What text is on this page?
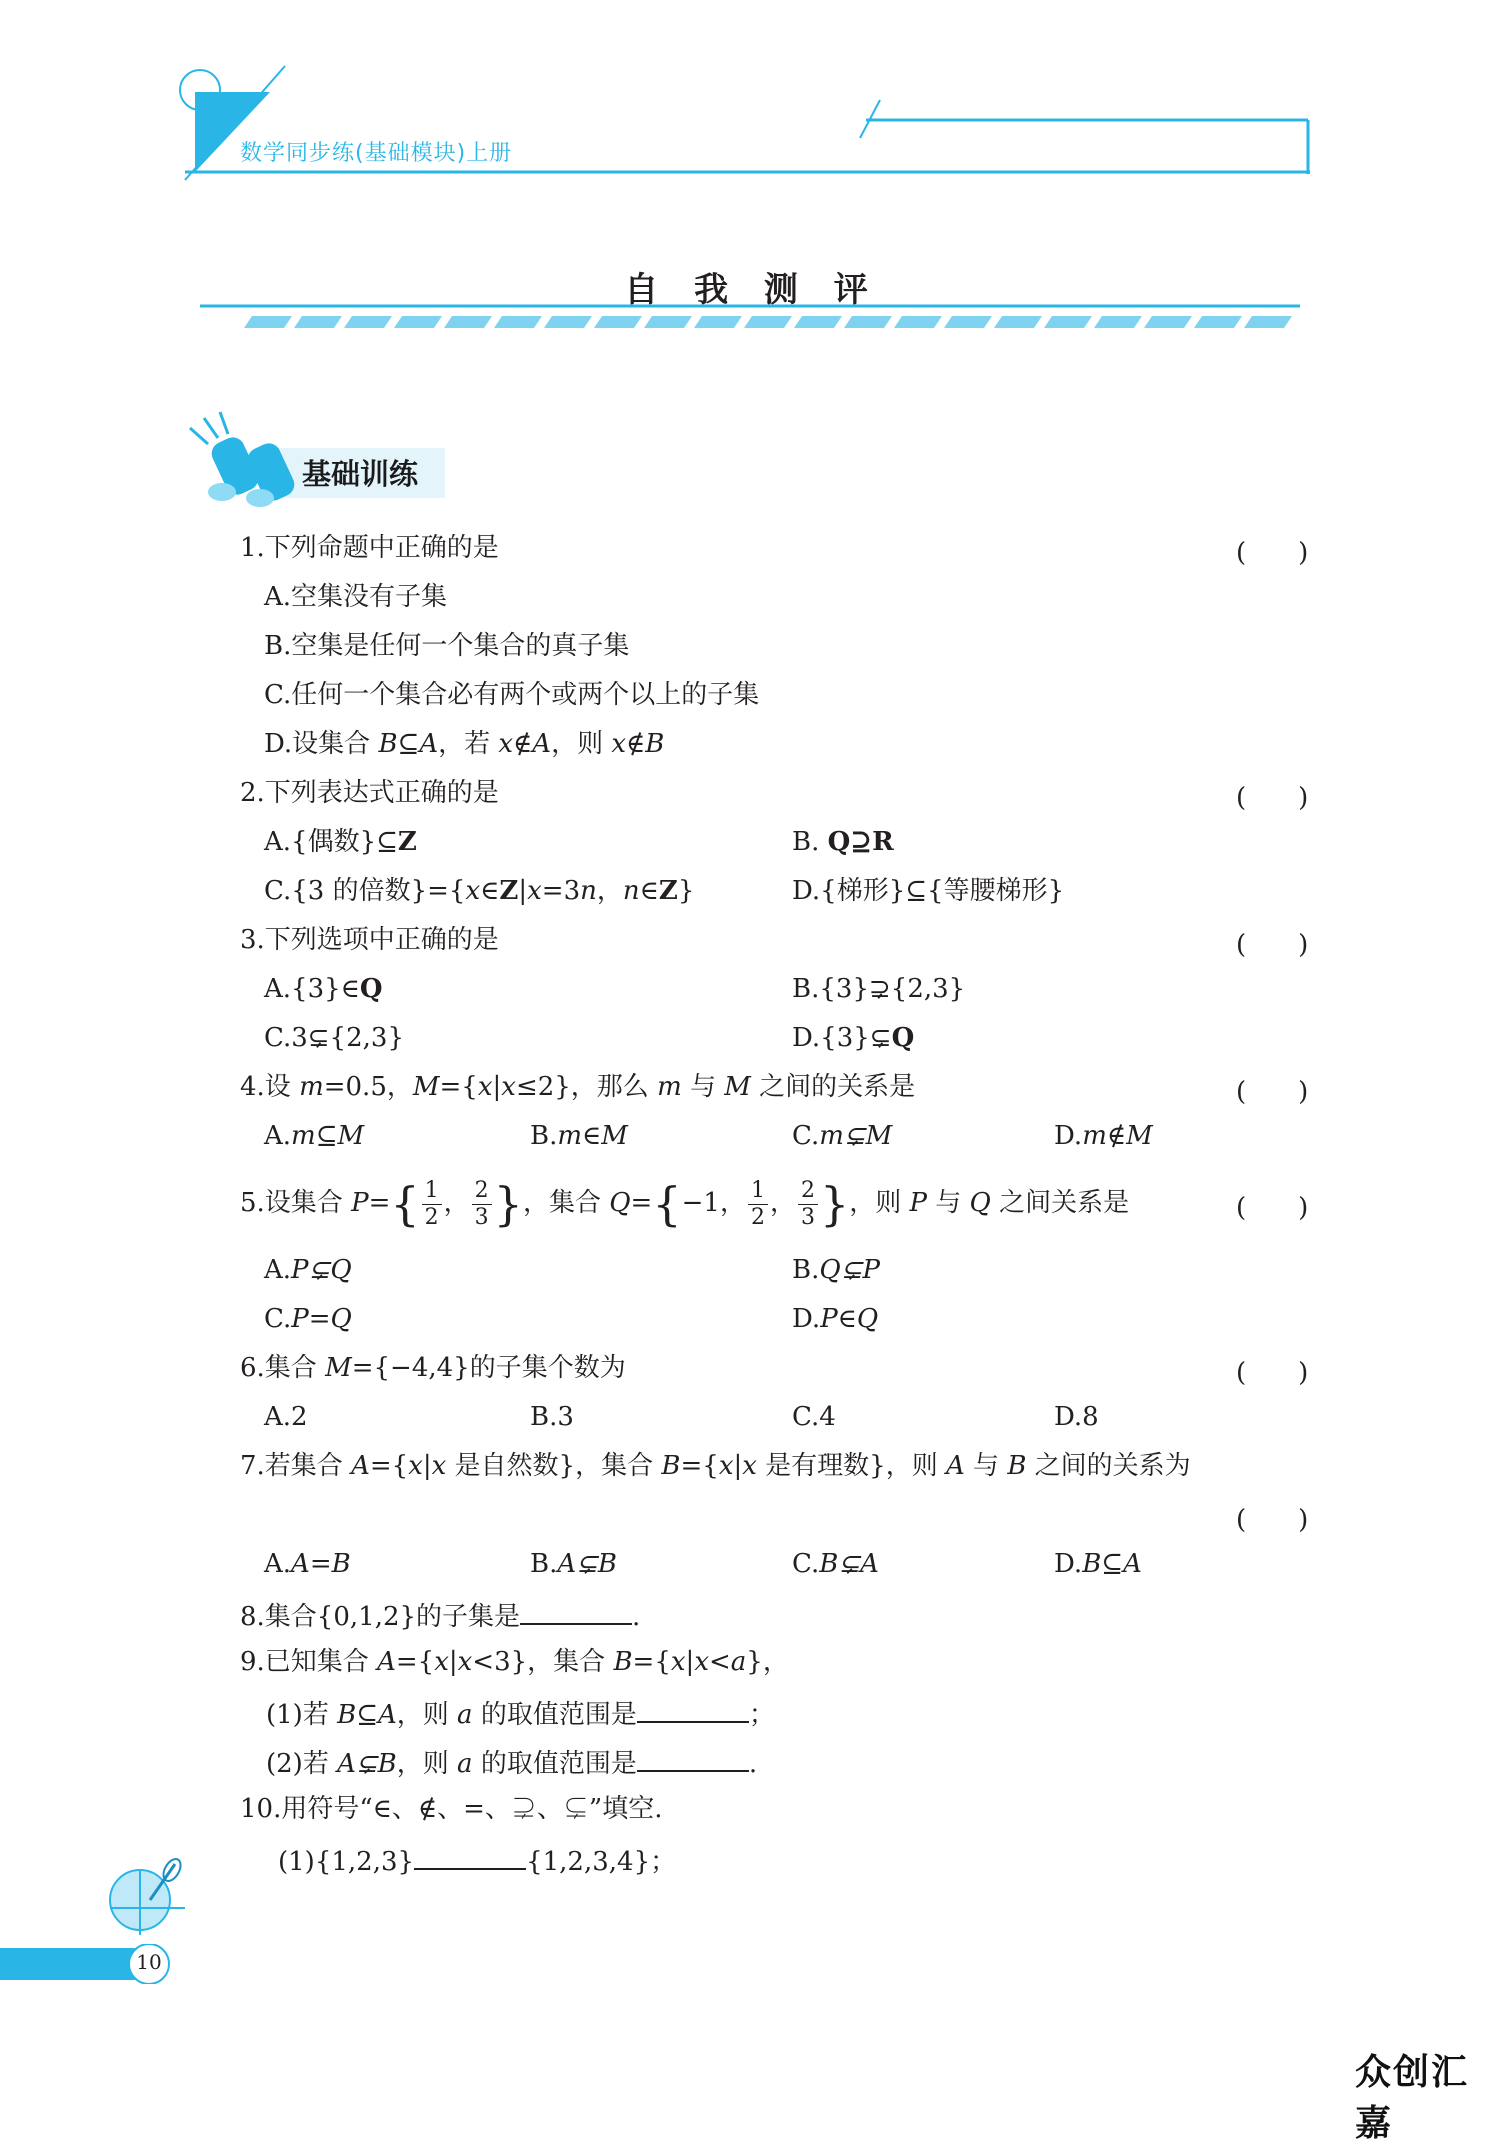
数学同步练(基础模块)上册
自 我 测 评
基础训练
1.下列命题中正确的是	(　　)
A.空集没有子集
B.空集是任何一个集合的真子集
C.任何一个集合必有两个或两个以上的子集
D.设集合 B⊆A，若 x∉A，则 x∉B
2.下列表达式正确的是	(　　)
A.{偶数}⊆Z	B. Q⊇R
C.{3 的倍数}={x∈Z|x=3n，n∈Z}	D.{梯形}⊆{等腰梯形}
3.下列选项中正确的是	(　　)
A.{3}∈Q	B.{3}⊋{2,3}
C.3⊊{2,3}	D.{3}⊊Q
4.设 m=0.5，M={x|x≤2}，那么 m 与 M 之间的关系是	(　　)
A.m⊆M	B.m∈M	C.m⊊M	D.m∉M
5.设集合 $P=\{ \frac{1}{2}$ ， $\frac{2}{3}$ }，集合 Q={−1， $\frac{1}{2}$ ， $\frac{2}{3}$ }，则 P 与 Q 之间关系是	(　　)
A.P⊊Q	B.Q⊊P
C.P=Q	D.P∈Q
6.集合 M={−4,4}的子集个数为	(　　)
A.2	B.3	C.4	D.8
7.若集合 A={x|x 是自然数}，集合 B={x|x 是有理数}，则 A 与 B 之间的关系为
(　　)
A.A=B	B.A⊊B	C.B⊊A	D.B⊆A
8.集合{0,1,2}的子集是	.
9.已知集合 A={x|x<3}，集合 B={x|x<a}，
(1)若 B⊆A，则 a 的取值范围是	；
(2)若 A⊊B，则 a 的取值范围是	.
10.用符号“∈、∉、=、⊋、⊊”填空.
(1){1,2,3}	{1,2,3,4}；
10
众创汇嘉
